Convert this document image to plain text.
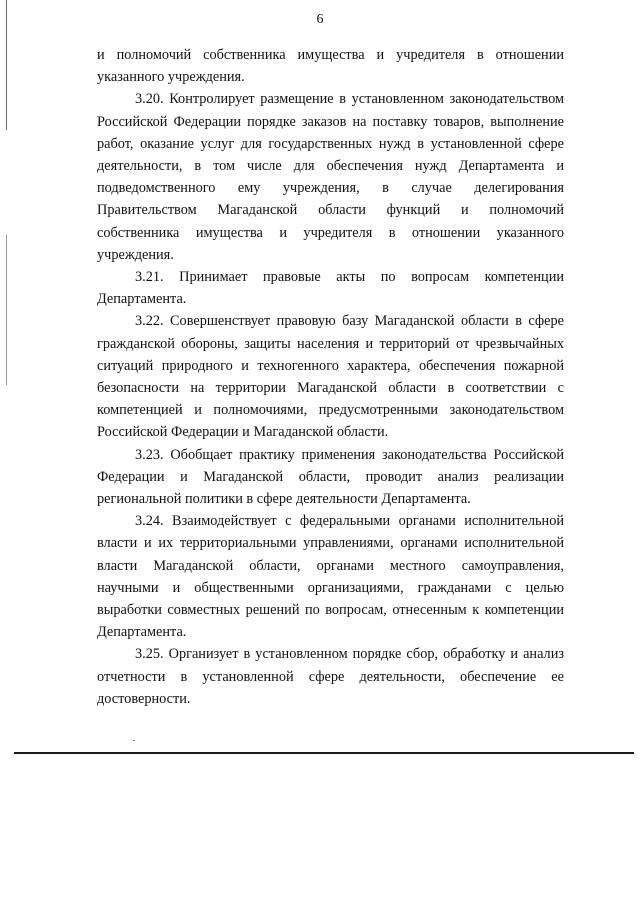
6

и полномочий собственника имущества и учредителя в отношении указанного учреждения.

3.20. Контролирует размещение в установленном законодательством Российской Федерации порядке заказов на поставку товаров, выполнение работ, оказание услуг для государственных нужд в установленной сфере деятельности, в том числе для обеспечения нужд Департамента и подведомственного ему учреждения, в случае делегирования Правительством Магаданской области функций и полномочий собственника имущества и учредителя в отношении указанного учреждения.

3.21. Принимает правовые акты по вопросам компетенции Департамента.

3.22. Совершенствует правовую базу Магаданской области в сфере гражданской обороны, защиты населения и территорий от чрезвычайных ситуаций природного и техногенного характера, обеспечения пожарной безопасности на территории Магаданской области в соответствии с компетенцией и полномочиями, предусмотренными законодательством Российской Федерации и Магаданской области.

3.23. Обобщает практику применения законодательства Российской Федерации и Магаданской области, проводит анализ реализации региональной политики в сфере деятельности Департамента.

3.24. Взаимодействует с федеральными органами исполнительной власти и их территориальными управлениями, органами исполнительной власти Магаданской области, органами местного самоуправления, научными и общественными организациями, гражданами с целью выработки совместных решений по вопросам, отнесенным к компетенции Департамента.

3.25. Организует в установленном порядке сбор, обработку и анализ отчетности в установленной сфере деятельности, обеспечение ее достоверности.
